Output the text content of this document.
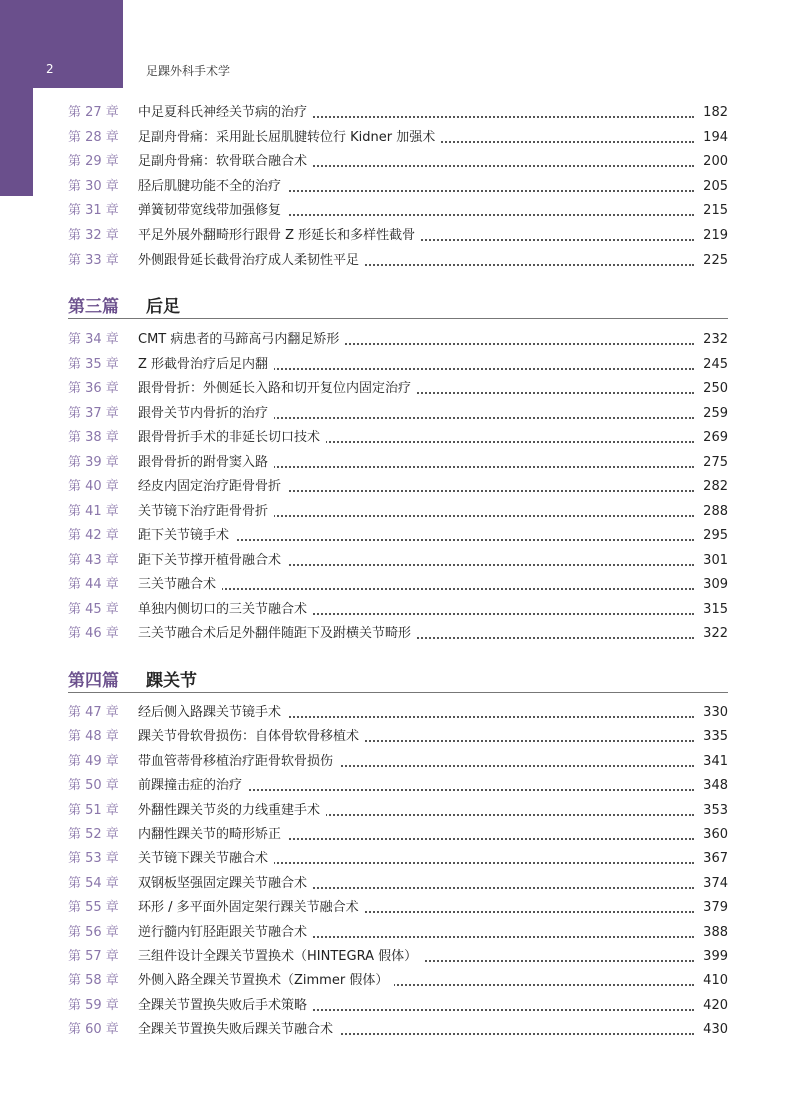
2	足踝外科手术学
第 27 章 中足夏科氏神经关节病的治疗	182
第 28 章 足副舟骨痛：采用趾长屈肌腱转位行 Kidner 加强术	194
第 29 章 足副舟骨痛：软骨联合融合术	200
第 30 章 胫后肌腱功能不全的治疗	205
第 31 章 弹簧韧带宽线带加强修复	215
第 32 章 平足外展外翻畸形行跟骨 Z 形延长和多样性截骨	219
第 33 章 外侧跟骨延长截骨治疗成人柔韧性平足	225
第三篇 后足
第 34 章 CMT 病患者的马蹄高弓内翻足矫形	232
第 35 章 Z 形截骨治疗后足内翻	245
第 36 章 跟骨骨折：外侧延长入路和切开复位内固定治疗	250
第 37 章 跟骨关节内骨折的治疗	259
第 38 章 跟骨骨折手术的非延长切口技术	269
第 39 章 跟骨骨折的跗骨窦入路	275
第 40 章 经皮内固定治疗距骨骨折	282
第 41 章 关节镜下治疗距骨骨折	288
第 42 章 距下关节镜手术	295
第 43 章 距下关节撑开植骨融合术	301
第 44 章 三关节融合术	309
第 45 章 单独内侧切口的三关节融合术	315
第 46 章 三关节融合术后足外翻伴随距下及跗横关节畸形	322
第四篇 踝关节
第 47 章 经后侧入路踝关节镜手术	330
第 48 章 踝关节骨软骨损伤：自体骨软骨移植术	335
第 49 章 带血管蒂骨移植治疗距骨软骨损伤	341
第 50 章 前踝撞击症的治疗	348
第 51 章 外翻性踝关节炎的力线重建手术	353
第 52 章 内翻性踝关节的畸形矫正	360
第 53 章 关节镜下踝关节融合术	367
第 54 章 双钢板坚强固定踝关节融合术	374
第 55 章 环形 / 多平面外固定架行踝关节融合术	379
第 56 章 逆行髓内钉胫距跟关节融合术	388
第 57 章 三组件设计全踝关节置换术（HINTEGRA 假体）	399
第 58 章 外侧入路全踝关节置换术（Zimmer 假体）	410
第 59 章 全踝关节置换失败后手术策略	420
第 60 章 全踝关节置换失败后踝关节融合术	430
